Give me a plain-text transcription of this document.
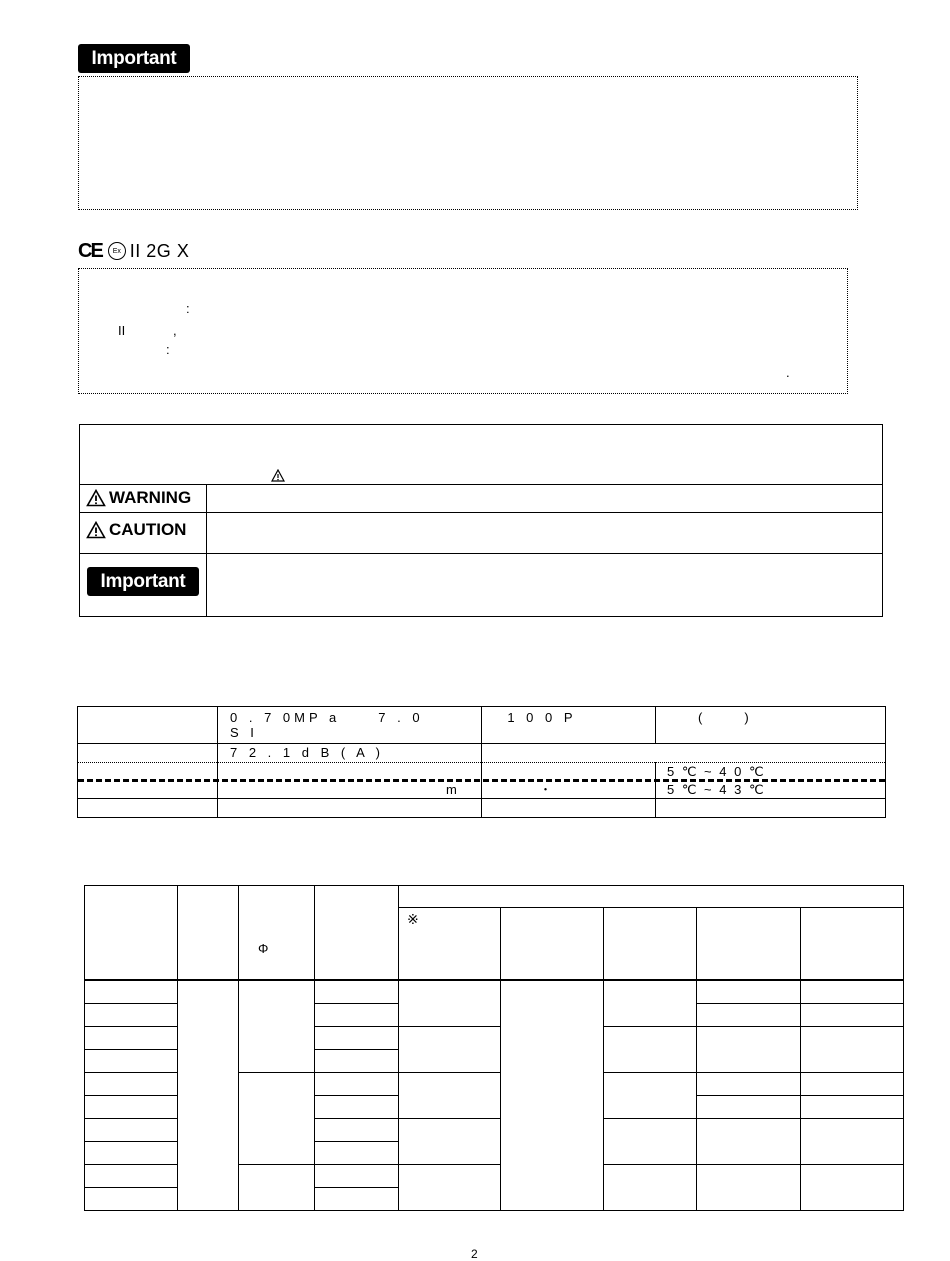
Important
CE Ex II 2G X
:
II	,
:
.
WARNING
CAUTION
Important
0 . 7 0MP a     7 . 0           1 0 0 P
S I
(     )
7 2 . 1 d B ( A )
5 ℃ ~ 4 0 ℃
5 ℃ ~ 4 3 ℃
m	・
※
Φ
2
